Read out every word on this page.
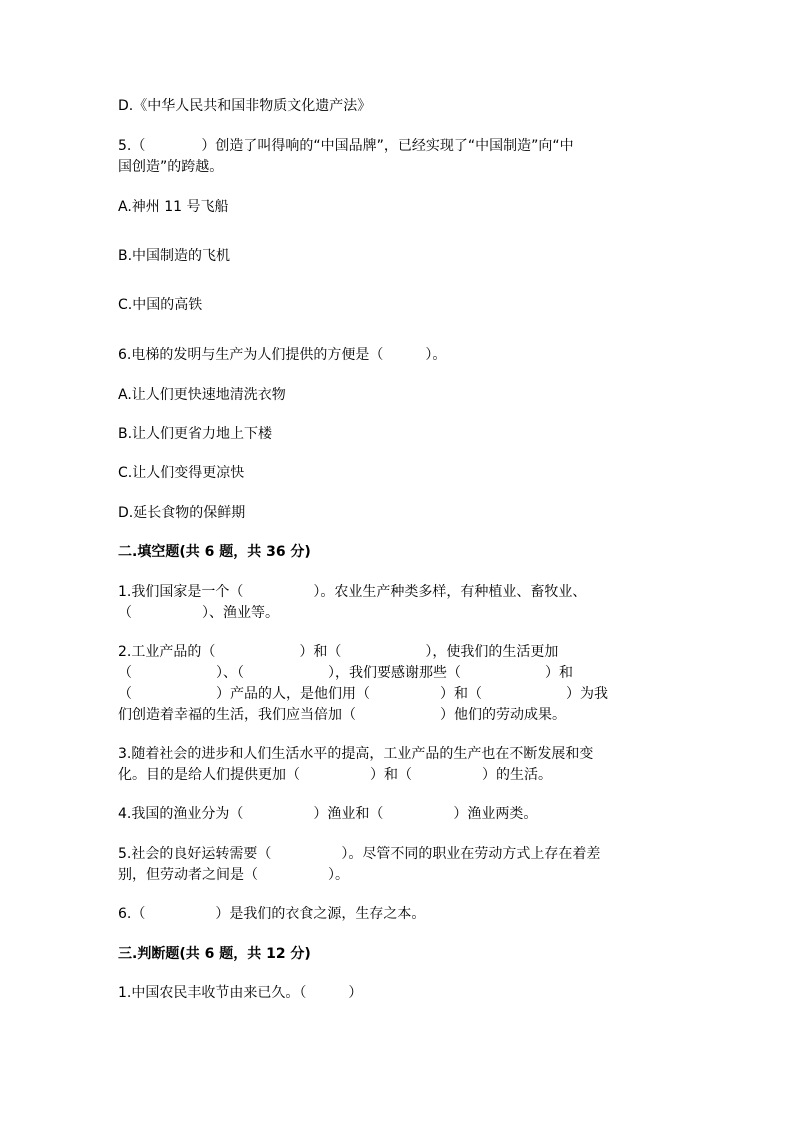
D.《中华人民共和国非物质文化遗产法》
5.（　　　　）创造了叫得响的“中国品牌”，已经实现了“中国制造”向“中
国创造”的跨越。
A.神州 11 号飞船
B.中国制造的飞机
C.中国的高铁
6.电梯的发明与生产为人们提供的方便是（　　　）。
A.让人们更快速地清洗衣物
B.让人们更省力地上下楼
C.让人们变得更凉快
D.延长食物的保鲜期
二.填空题(共 6 题，共 36 分)
1.我们国家是一个（　　　　　）。农业生产种类多样，有种植业、畜牧业、
（　　　　　）、渔业等。
2.工业产品的（　　　　　　）和（　　　　　　），使我们的生活更加
（　　　　　　）、（　　　　　　），我们要感谢那些（　　　　　　）和
（　　　　　　）产品的人，是他们用（　　　　　）和（　　　　　　）为我
们创造着幸福的生活，我们应当倍加（　　　　　　）他们的劳动成果。
3.随着社会的进步和人们生活水平的提高，工业产品的生产也在不断发展和变
化。目的是给人们提供更加（　　　　　）和（　　　　　）的生活。
4.我国的渔业分为（　　　　　）渔业和（　　　　　）渔业两类。
5.社会的良好运转需要（　　　　　）。尽管不同的职业在劳动方式上存在着差
别，但劳动者之间是（　　　　　）。
6.（　　　　　）是我们的衣食之源，生存之本。
三.判断题(共 6 题，共 12 分)
1.中国农民丰收节由来已久。（　　　）
